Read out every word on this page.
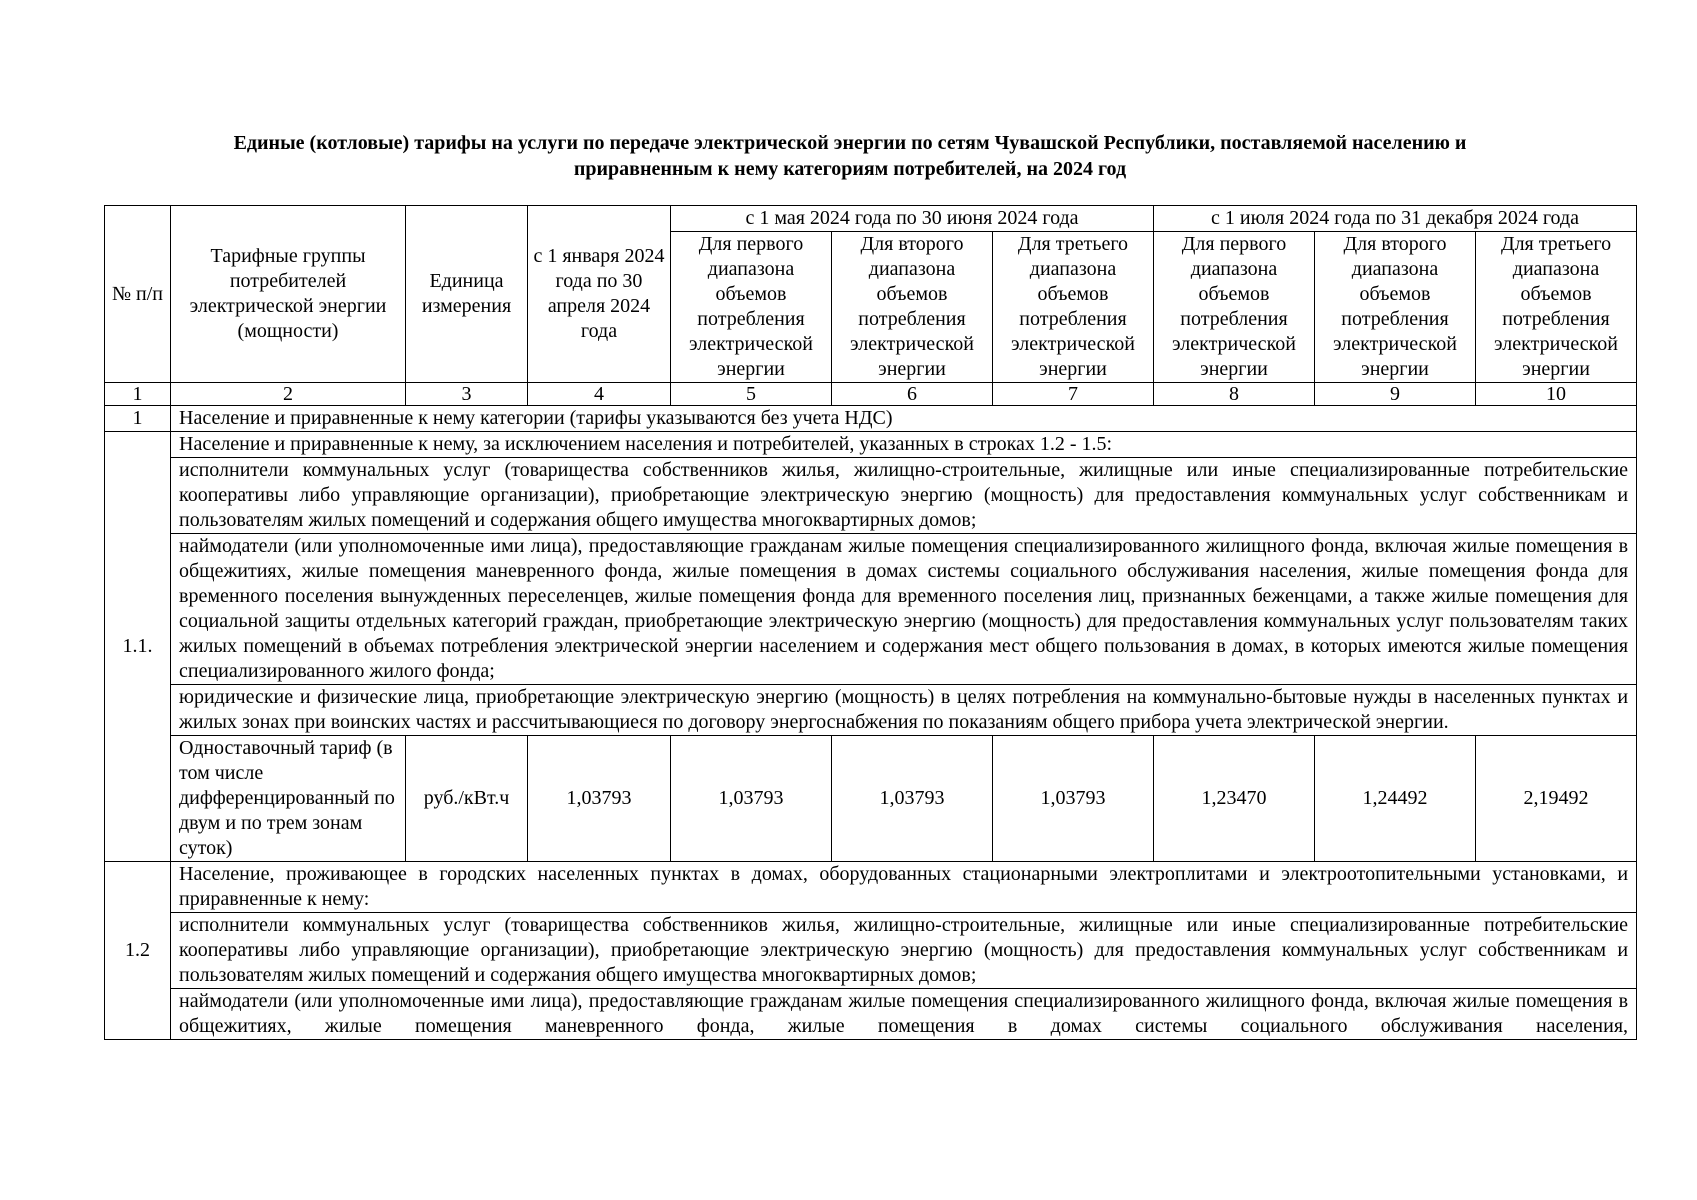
Единые (котловые) тарифы на услуги по передаче электрической энергии по сетям Чувашской Республики, поставляемой населению и
приравненным к нему категориям потребителей, на 2024 год
№ п/п	Тарифные группы потребителей электрической энергии (мощности)	Единица измерения	с 1 января 2024 года по 30 апреля 2024 года	с 1 мая 2024 года по 30 июня 2024 года			с 1 июля 2024 года по 31 декабря 2024 года		
				Для первого диапазона объемов потребления электрической энергии	Для второго диапазона объемов потребления электрической энергии	Для третьего диапазона объемов потребления электрической энергии	Для первого диапазона объемов потребления электрической энергии	Для второго диапазона объемов потребления электрической энергии	Для третьего диапазона объемов потребления электрической энергии
1	2	3	4	5	6	7	8	9	10
1	Население и приравненные к нему категории (тарифы указываются без учета НДС)								
1.1.	Население и приравненные к нему, за исключением населения и потребителей, указанных в строках 1.2 - 1.5:								
	исполнители коммунальных услуг (товарищества собственников жилья, жилищно-строительные, жилищные или иные специализированные потребительские кооперативы либо управляющие организации), приобретающие электрическую энергию (мощность) для предоставления коммунальных услуг собственникам и пользователям жилых помещений и содержания общего имущества многоквартирных домов;								
	наймодатели (или уполномоченные ими лица), предоставляющие гражданам жилые помещения специализированного жилищного фонда, включая жилые помещения в общежитиях, жилые помещения маневренного фонда, жилые помещения в домах системы социального обслуживания населения, жилые помещения фонда для временного поселения вынужденных переселенцев, жилые помещения фонда для временного поселения лиц, признанных беженцами, а также жилые помещения для социальной защиты отдельных категорий граждан, приобретающие электрическую энергию (мощность) для предоставления коммунальных услуг пользователям таких жилых помещений в объемах потребления электрической энергии населением и содержания мест общего пользования в домах, в которых имеются жилые помещения специализированного жилого фонда;								
	юридические и физические лица, приобретающие электрическую энергию (мощность) в целях потребления на коммунально-бытовые нужды в населенных пунктах и жилых зонах при воинских частях и рассчитывающиеся по договору энергоснабжения по показаниям общего прибора учета электрической энергии.								
	Одноставочный тариф (в том числе дифференцированный по двум и по трем зонам суток)	руб./кВт.ч	1,03793	1,03793	1,03793	1,03793	1,23470	1,24492	2,19492
1.2	Население, проживающее в городских населенных пунктах в домах, оборудованных стационарными электроплитами и электроотопительными установками, и приравненные к нему:								
	исполнители коммунальных услуг (товарищества собственников жилья, жилищно-строительные, жилищные или иные специализированные потребительские кооперативы либо управляющие организации), приобретающие электрическую энергию (мощность) для предоставления коммунальных услуг собственникам и пользователям жилых помещений и содержания общего имущества многоквартирных домов;								
	наймодатели (или уполномоченные ими лица), предоставляющие гражданам жилые помещения специализированного жилищного фонда, включая жилые помещения в общежитиях, жилые помещения маневренного фонда, жилые помещения в домах системы социального обслуживания населения,								
